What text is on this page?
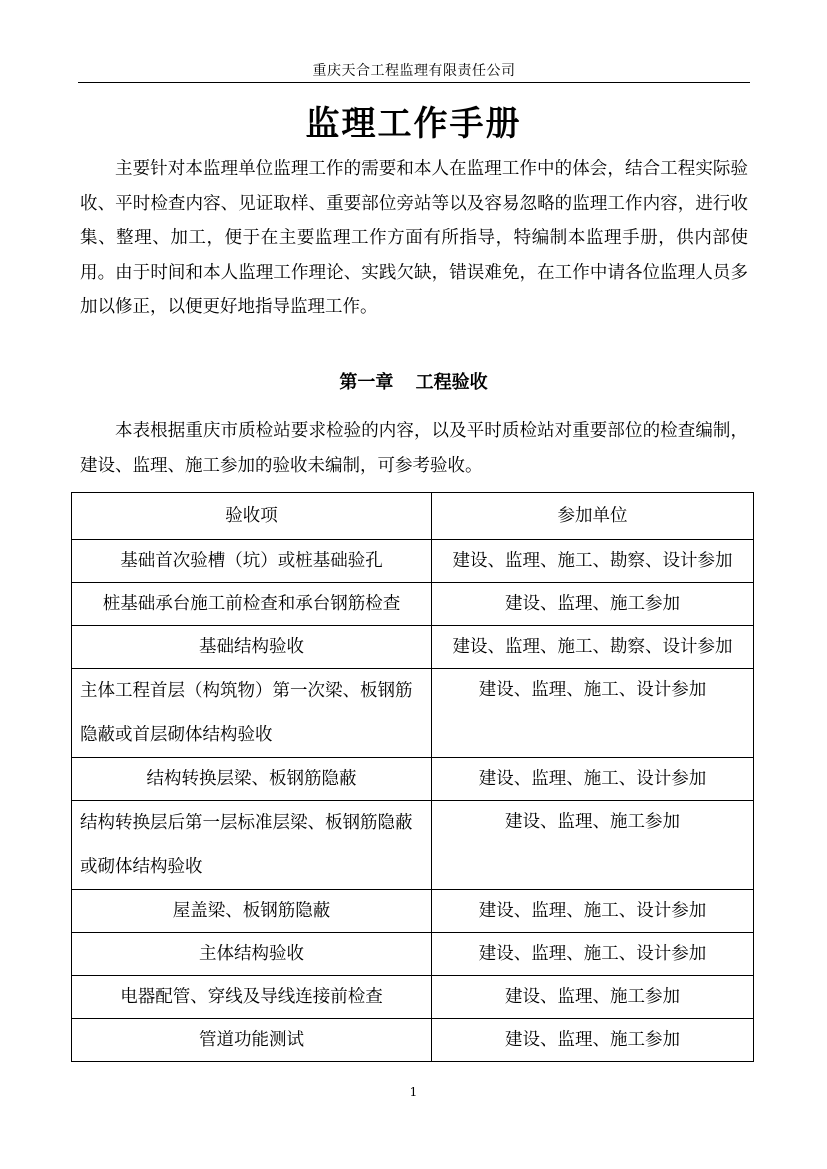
重庆天合工程监理有限责任公司
监理工作手册

主要针对本监理单位监理工作的需要和本人在监理工作中的体会，结合工程实际验收、平时检查内容、见证取样、重要部位旁站等以及容易忽略的监理工作内容，进行收集、整理、加工，便于在主要监理工作方面有所指导，特编制本监理手册，供内部使用。由于时间和本人监理工作理论、实践欠缺，错误难免，在工作中请各位监理人员多加以修正，以便更好地指导监理工作。

第一章 工程验收

本表根据重庆市质检站要求检验的内容，以及平时质检站对重要部位的检查编制，建设、监理、施工参加的验收未编制，可参考验收。

验收项	参加单位
基础首次验槽（坑）或桩基础验孔	建设、监理、施工、勘察、设计参加
桩基础承台施工前检查和承台钢筋检查	建设、监理、施工参加
基础结构验收	建设、监理、施工、勘察、设计参加
主体工程首层（构筑物）第一次梁、板钢筋隐蔽或首层砌体结构验收	建设、监理、施工、设计参加
结构转换层梁、板钢筋隐蔽	建设、监理、施工、设计参加
结构转换层后第一层标准层梁、板钢筋隐蔽或砌体结构验收	建设、监理、施工参加
屋盖梁、板钢筋隐蔽	建设、监理、施工、设计参加
主体结构验收	建设、监理、施工、设计参加
电器配管、穿线及导线连接前检查	建设、监理、施工参加
管道功能测试	建设、监理、施工参加
1
